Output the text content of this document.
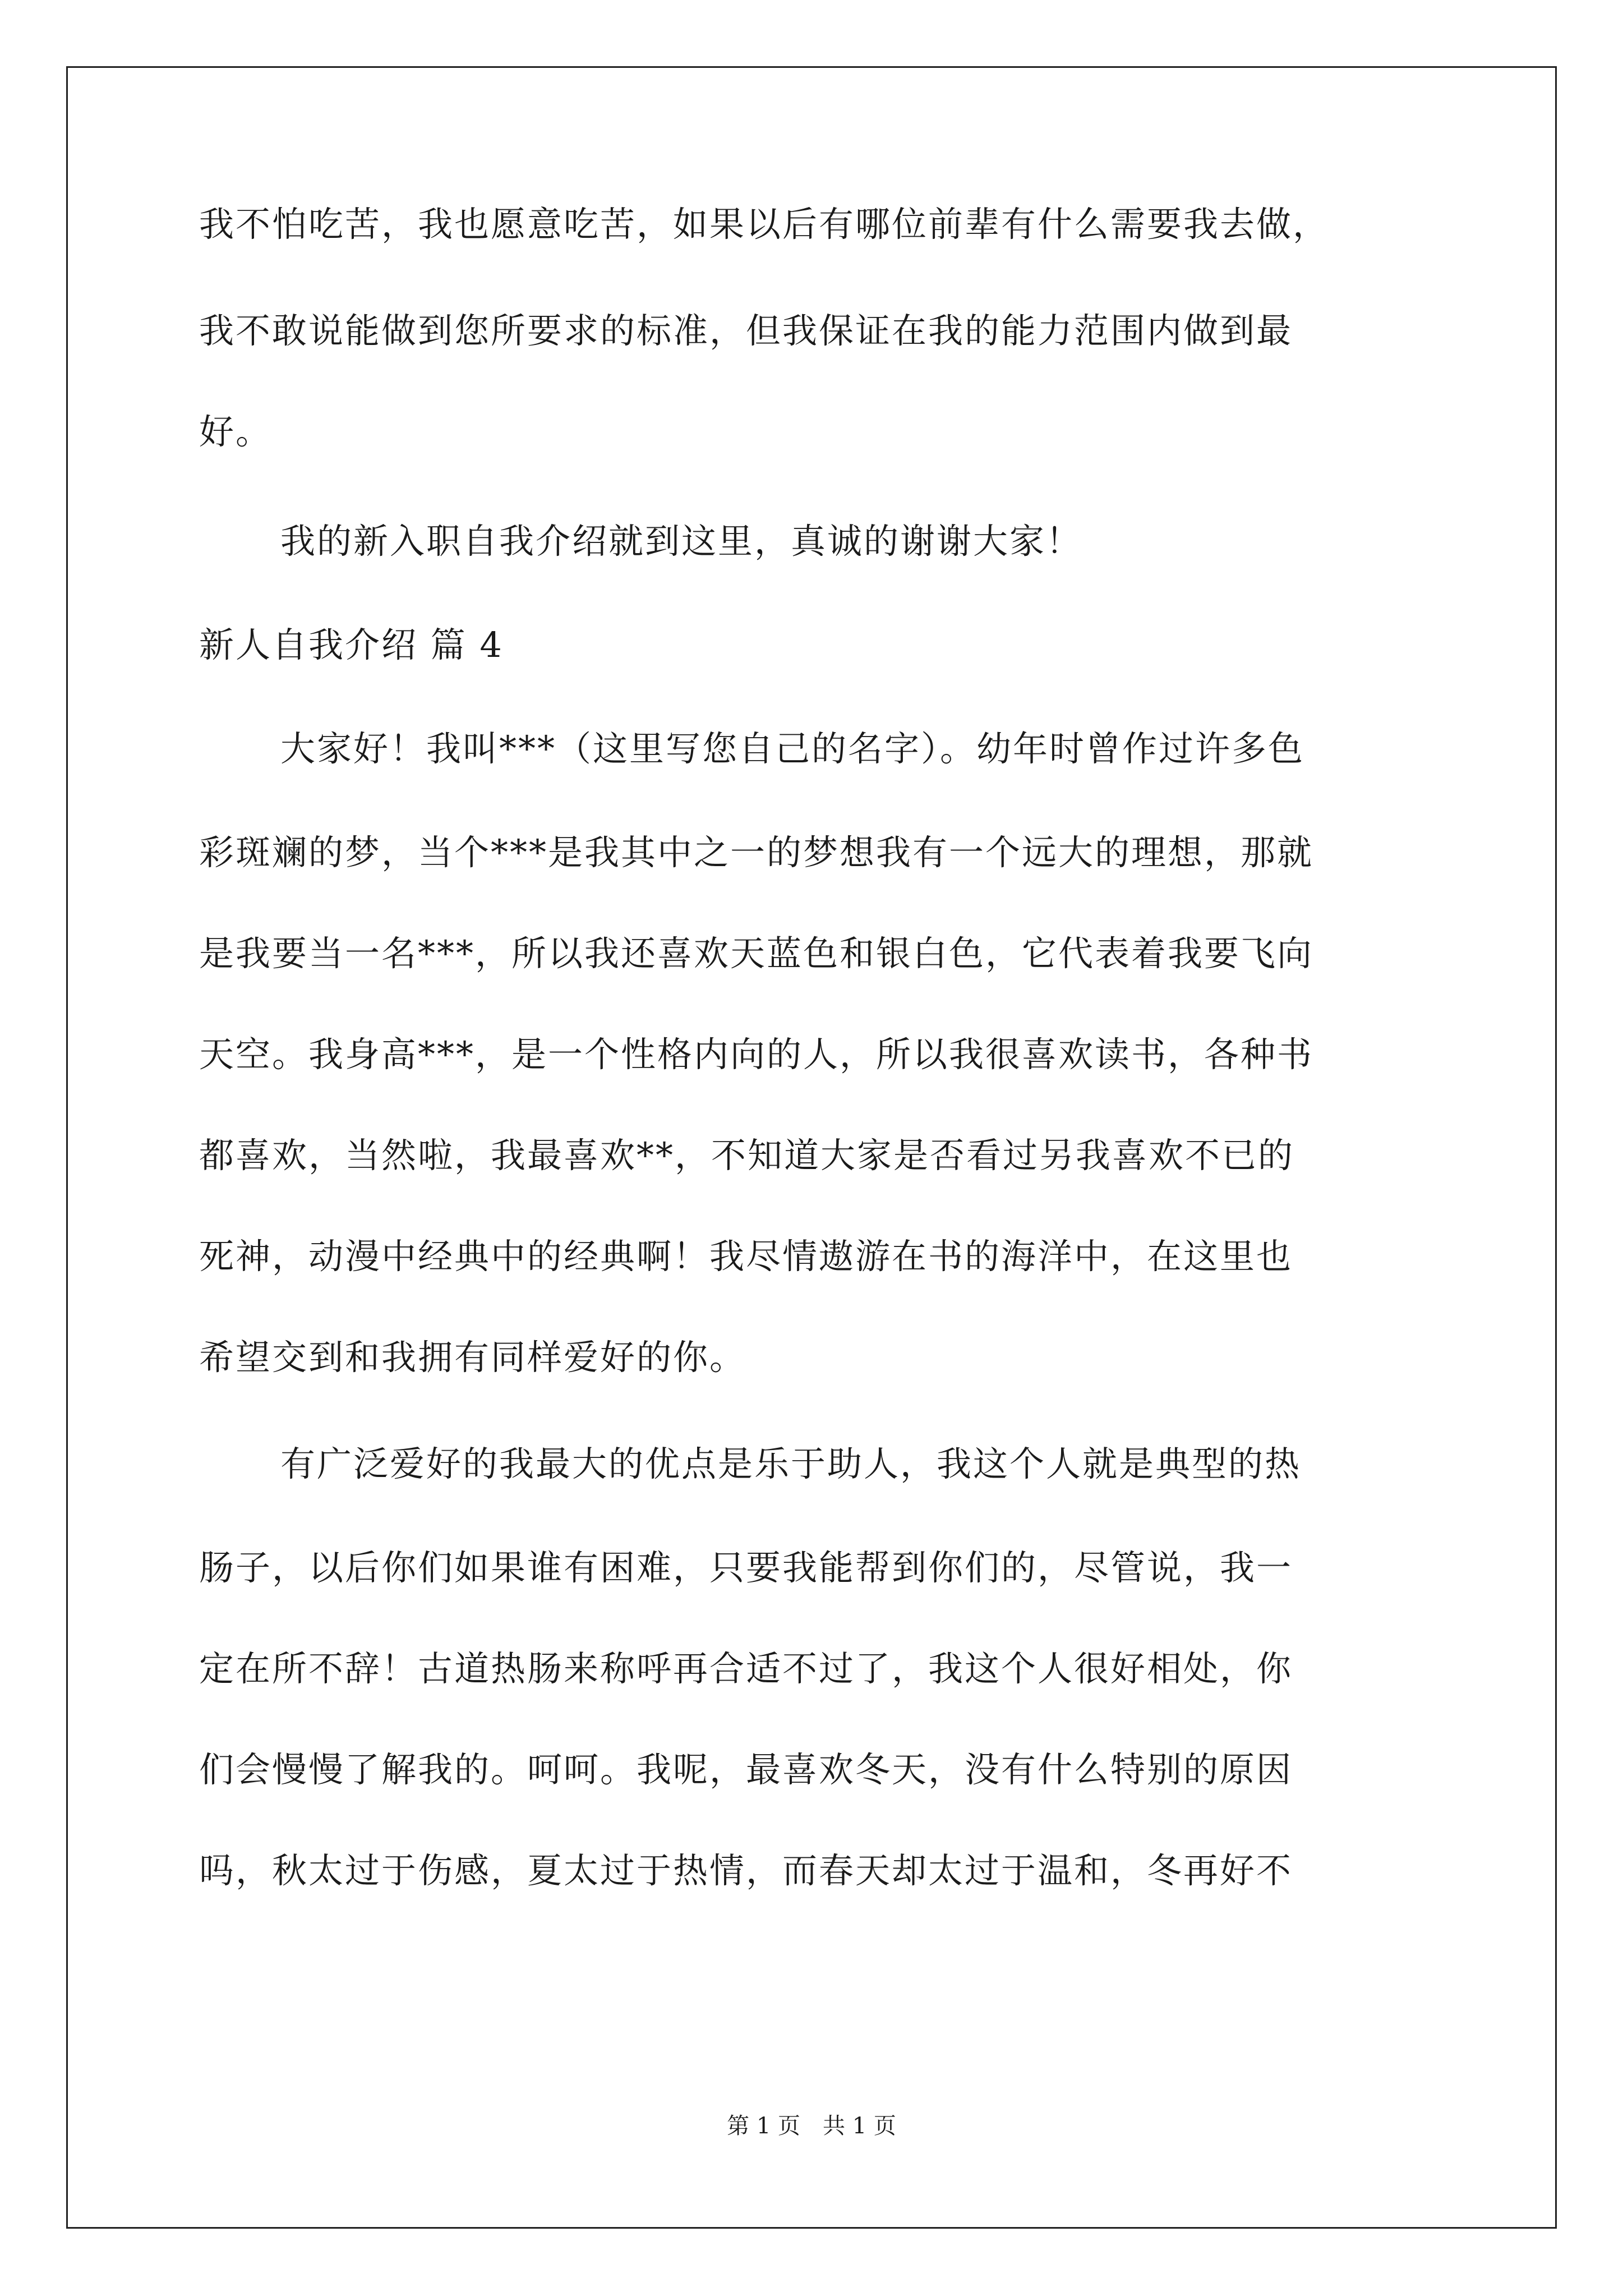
我不怕吃苦，我也愿意吃苦，如果以后有哪位前辈有什么需要我去做，
我不敢说能做到您所要求的标准，但我保证在我的能力范围内做到最
好。
我的新入职自我介绍就到这里，真诚的谢谢大家！
新人自我介绍 篇 4
大家好！我叫***（这里写您自己的名字）。幼年时曾作过许多色
彩斑斓的梦，当个***是我其中之一的梦想我有一个远大的理想，那就
是我要当一名***，所以我还喜欢天蓝色和银白色，它代表着我要飞向
天空。我身高***，是一个性格内向的人，所以我很喜欢读书，各种书
都喜欢，当然啦，我最喜欢**，不知道大家是否看过另我喜欢不已的
死神，动漫中经典中的经典啊！我尽情遨游在书的海洋中，在这里也
希望交到和我拥有同样爱好的你。
有广泛爱好的我最大的优点是乐于助人，我这个人就是典型的热
肠子，以后你们如果谁有困难，只要我能帮到你们的，尽管说，我一
定在所不辞！古道热肠来称呼再合适不过了，我这个人很好相处，你
们会慢慢了解我的。呵呵。我呢，最喜欢冬天，没有什么特别的原因
吗，秋太过于伤感，夏太过于热情，而春天却太过于温和，冬再好不
第 1 页　共 1 页
